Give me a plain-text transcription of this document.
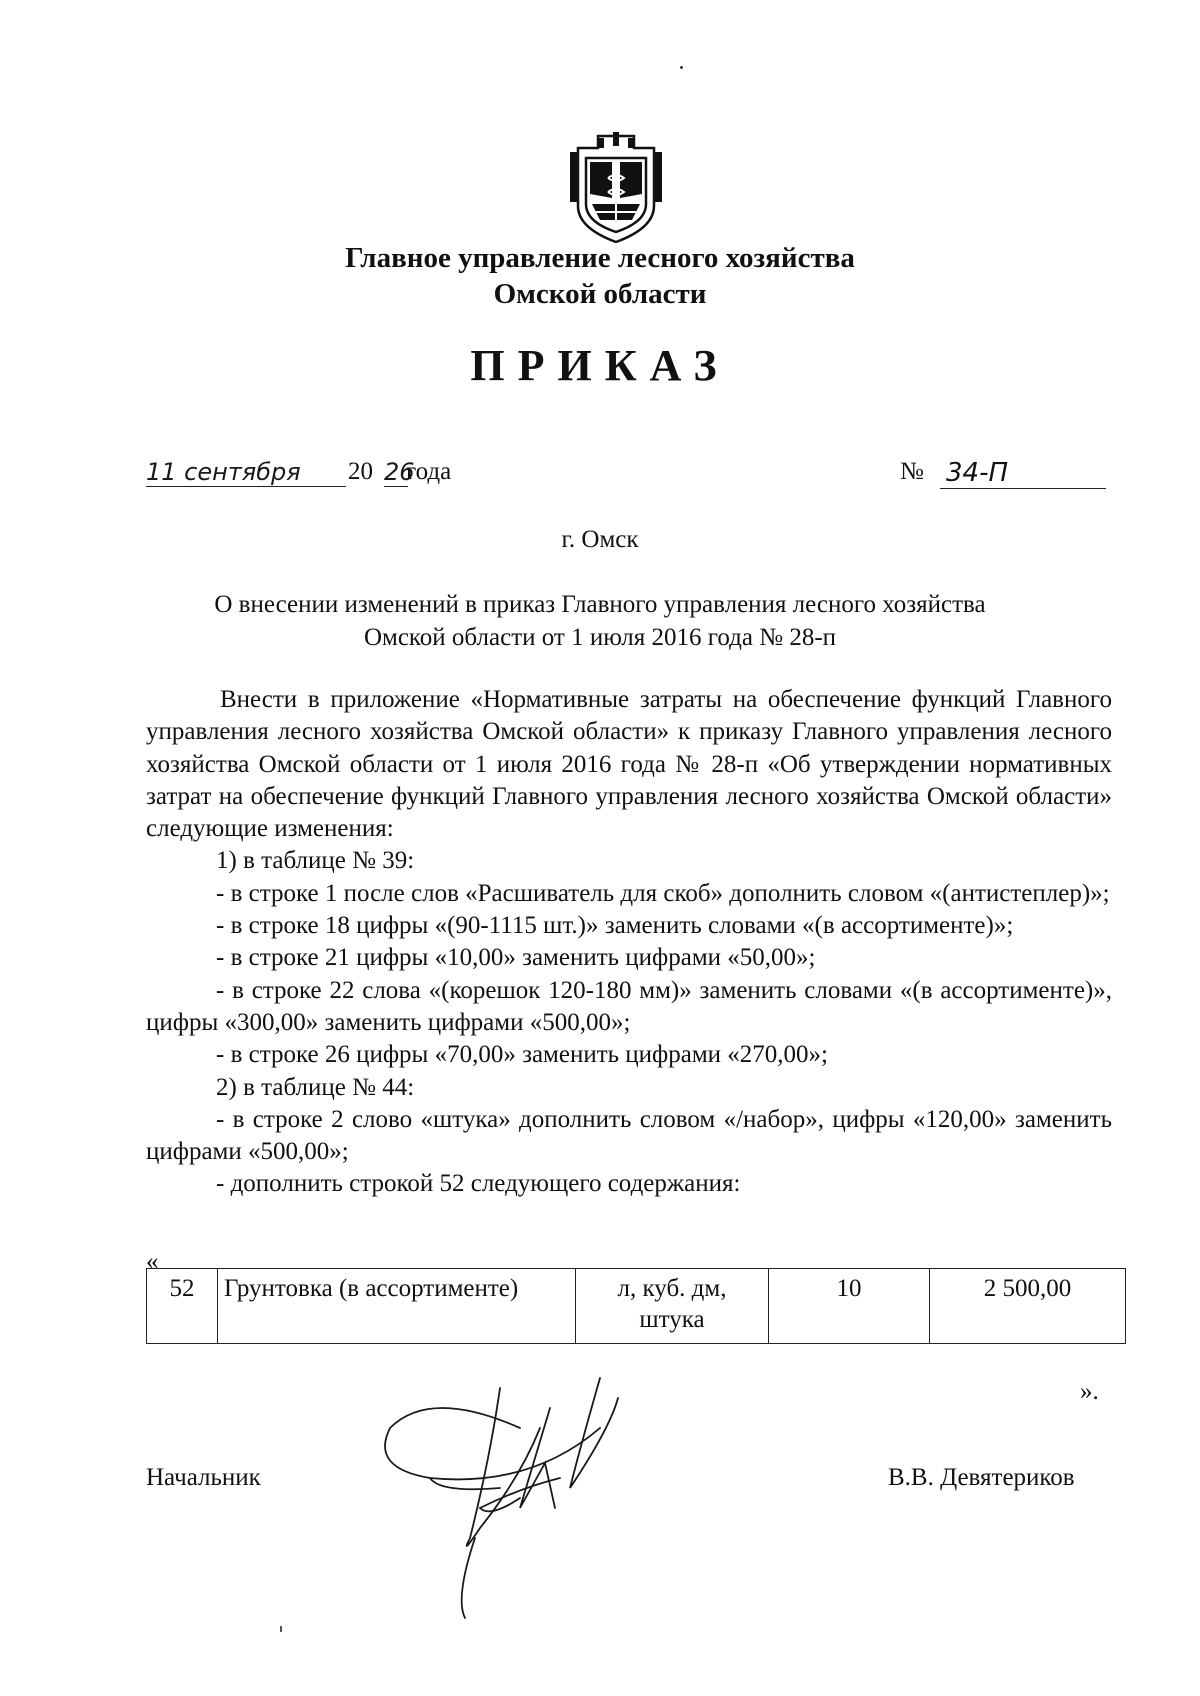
Главное управление лесного хозяйства
Омской области
ПРИКАЗ
11 сентября	20 26
года	№ 34-П
г. Омск
О внесении изменений в приказ Главного управления лесного хозяйства
Омской области от 1 июля 2016 года № 28-п

Внести в приложение «Нормативные затраты на обеспечение функций Главного управления лесного хозяйства Омской области» к приказу Главного управления лесного хозяйства Омской области от 1 июля 2016 года № 28-п «Об утверждении нормативных затрат на обеспечение функций Главного управления лесного хозяйства Омской области» следующие изменения:

1) в таблице № 39:

- в строке 1 после слов «Расшиватель для скоб» дополнить словом «(антистеплер)»;

- в строке 18 цифры «(90-1115 шт.)» заменить словами «(в ассортименте)»;

- в строке 21 цифры «10,00» заменить цифрами «50,00»;

- в строке 22 слова «(корешок 120-180 мм)» заменить словами «(в ассортименте)», цифры «300,00» заменить цифрами «500,00»;

- в строке 26 цифры «70,00» заменить цифрами «270,00»;

2) в таблице № 44:

- в строке 2 слово «штука» дополнить словом «/набор», цифры «120,00» заменить цифрами «500,00»;

- дополнить строкой 52 следующего содержания:

«
52	Грунтовка (в ассортименте)	л, куб. дм, штука	10	2 500,00
».
Начальник	В.В. Девятериков
